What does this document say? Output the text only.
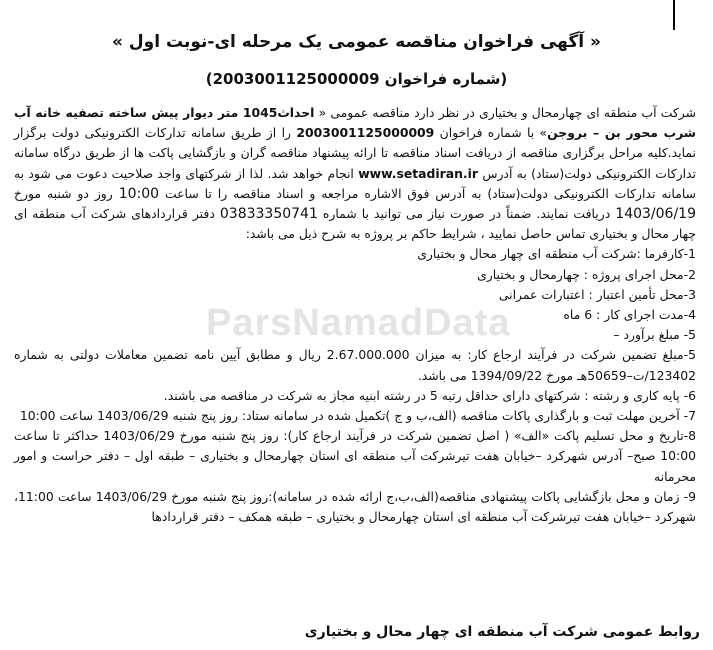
« آگهی فراخوان مناقصه عمومی یک مرحله ای-نوبت اول »
(شماره فراخوان 2003001125000009)
ParsNamadData

شرکت آب منطقه ای چهارمحال و بختیاری در نظر دارد مناقصه عمومی « احداث1045 متر دیوار پیش ساخته تصفیه خانه آب شرب محور بن – بروجن» با شماره فراخوان 2003001125000009 را از طریق سامانه تدارکات الکترونیکی دولت برگزار نماید.کلیه مراحل برگزاری مناقصه از دریافت اسناد مناقصه تا ارائه پیشنهاد مناقصه گران و بازگشایی پاکت ها از طریق درگاه سامانه تدارکات الکترونیکی دولت(ستاد) به آدرس www.setadiran.ir انجام خواهد شد. لذا از شرکتهای واجد صلاحیت دعوت می شود به سامانه تدارکات الکترونیکی دولت(ستاد) به آدرس فوق الاشاره مراجعه و اسناد مناقصه را تا ساعت 10:00 روز دو شنبه مورخ 1403/06/19 دریافت نمایند. ضمناً در صورت نیاز می توانید با شماره 03833350741 دفتر قراردادهای شرکت آب منطقه ای چهار محال و بختیاری تماس حاصل نمایید ، شرایط حاکم بر پروژه به شرح ذیل می باشد:

1-کارفرما :شرکت آب منطقه ای چهار محال و بختیاری

2-محل اجرای پروژه : چهارمحال و بختیاری

3-محل تأمین اعتبار : اعتبارات عمرانی

4-مدت اجرای کار : 6 ماه

5- مبلغ برآورد –

5-مبلغ تضمین شرکت در فرآیند ارجاع کار: به میزان 2.67.000.000 ریال و مطابق آیین نامه تضمین معاملات دولتی به شماره 123402/ت–50659هـ مورخ 1394/09/22 می باشد.

6- پایه کاری و رشته : شرکتهای دارای حداقل رتبه 5 در رشته ابنیه مجاز به شرکت در مناقصه می باشند.

7- آخرین مهلت ثبت و بارگذاری پاکات مناقصه (الف،ب و ج )تکمیل شده در سامانه ستاد: روز پنج شنبه 1403/06/29 ساعت 10:00

8-تاریخ و محل تسلیم پاکت «الف» ( اصل تضمین شرکت در فرآیند ارجاع کار): روز پنج شنبه مورخ 1403/06/29 حداکثر تا ساعت 10:00 صبح– آدرس شهرکرد –خیابان هفت تیرشرکت آب منطقه ای استان چهارمحال و بختیاری – طبقه اول – دفتر حراست و امور محرمانه

9- زمان و محل بازگشایی پاکات پیشنهادی مناقصه(الف،ب،ج ارائه شده در سامانه):روز پنج شنبه مورخ 1403/06/29 ساعت 11:00، شهرکرد –خیابان هفت تیرشرکت آب منطقه ای استان چهارمحال و بختیاری – طبقه همکف – دفتر قراردادها

روابط عمومی شرکت آب منطقه ای چهار محال و بختیاری
